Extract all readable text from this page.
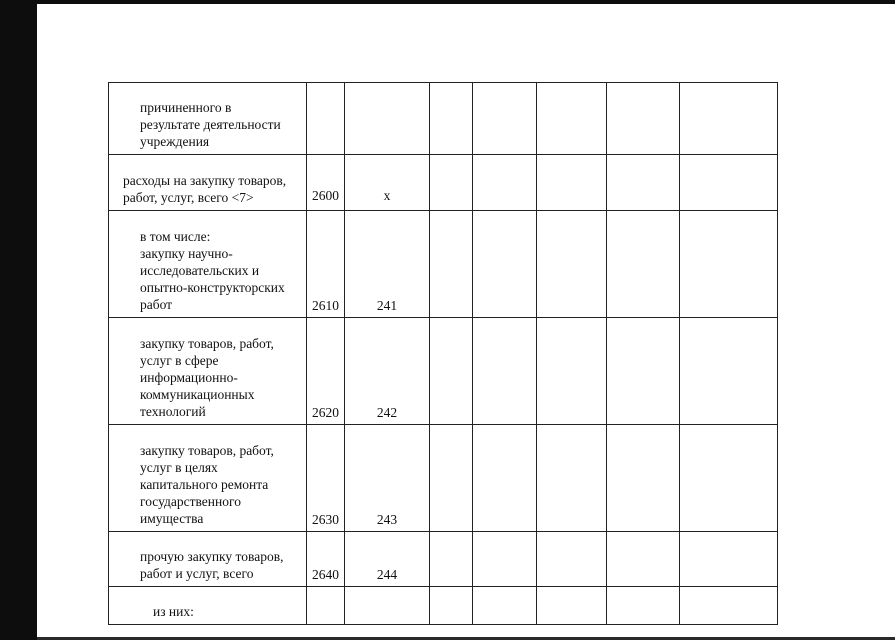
причиненного в
результате деятельности
учреждения							

расходы на закупку товаров,
работ, услуг, всего <7>	2600	x					

в том числе:
закупку научно-
исследовательских и
опытно-конструкторских
работ	2610	241					

закупку товаров, работ,
услуг в сфере
информационно-
коммуникационных
технологий	2620	242					

закупку товаров, работ,
услуг в целях
капитального ремонта
государственного
имущества	2630	243					

прочую закупку товаров,
работ и услуг, всего	2640	244					

из них:							
